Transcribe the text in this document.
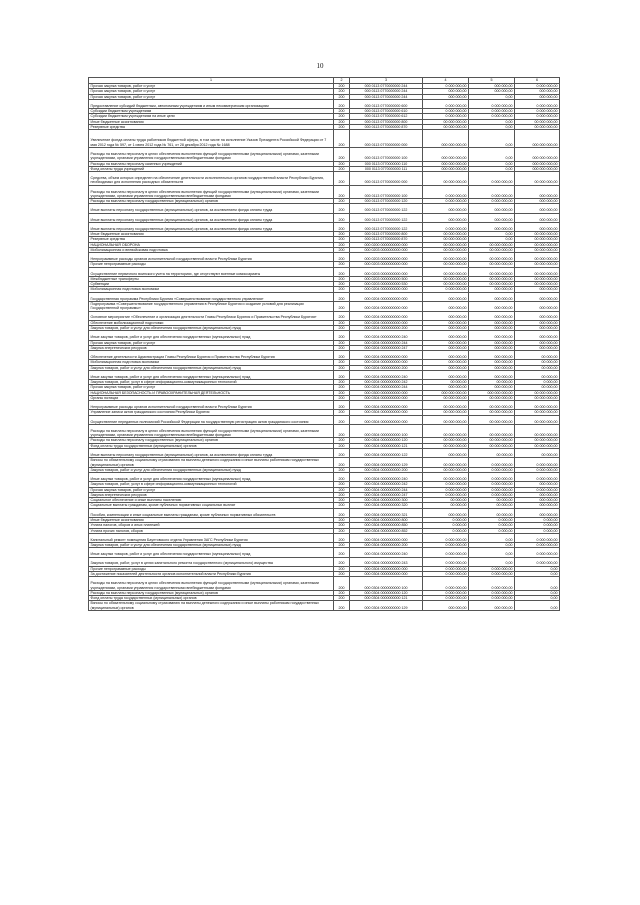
10
1	2	3	4	5	6
Прочая закупка товаров, работ и услуг	200	000 0113 0770000000 244	0 000 000,00	000 000,00	0 000 000,00
Прочая закупка товаров, работ и услуг	200	000 0113 0770000000 244	000 000,00	000 000,00	000 000,00
Прочая закупка товаров, работ и услуг	200	000 0113 0770000000 244	000 000,00	0,00	000 000,00
Предоставление субсидий бюджетным, автономным учреждениям и иным некоммерческим организациям	200	000 0113 0770000000 600	0 000 000,00	0 000 000,00	0 000 000,00
Субсидии бюджетным учреждениям	200	000 0113 0770000000 610	0 000 000,00	0 000 000,00	0 000 000,00
Субсидии бюджетным учреждениям на иные цели	200	000 0113 0770000000 612	0 000 000,00	0 000 000,00	0 000 000,00
Иные бюджетные ассигнования	200	000 0113 0770000000 800	00 000 000,00	0,00	00 000 000,00
Резервные средства	200	000 0113 0770000000 870	00 000 000,00	0,00	00 000 000,00
Увеличение фонда оплаты труда работников бюджетной сферы, в том числе на исполнение Указов Президента Российской Федерации от 7 мая 2012 года № 597, от 1 июня 2012 года № 761, от 28 декабря 2012 года № 1688	200	000 0113 0770000000 000	000 000 000,00	0,00	000 000 000,00
Расходы на выплаты персоналу в целях обеспечения выполнения функций государственными (муниципальными) органами, казенными учреждениями, органами управления государственными внебюджетными фондами	200	000 0113 0770000000 100	000 000 000,00	0,00	000 000 000,00
Расходы на выплаты персоналу казенных учреждений	200	000 0113 0770000000 110	000 000 000,00	0,00	000 000 000,00
Фонд оплаты труда учреждений	200	000 0113 0770000000 111	000 000 000,00	0,00	000 000 000,00
Средства, объем которых определен на обеспечение деятельности исполнительных органов государственной власти Республики Бурятия, необходимых для исполнения расходных обязательств	200	000 0113 0770000000 000	00 000 000,00	0 000 000,00	00 000 000,00
Расходы на выплаты персоналу в целях обеспечения выполнения функций государственными (муниципальными) органами, казенными учреждениями, органами управления государственными внебюджетными фондами	200	000 0113 0770000000 100	0 000 000,00	0 000 000,00	000 000,00
Расходы на выплаты персоналу государственных (муниципальных) органов	200	000 0113 0770000000 120	0 000 000,00	0 000 000,00	000 000,00
Иные выплаты персоналу государственных (муниципальных) органов, за исключением фонда оплаты труда	200	000 0113 0770000000 122	000 000,00	000 000,00	000 000,00
Иные выплаты персоналу государственных (муниципальных) органов, за исключением фонда оплаты труда	200	000 0113 0770000000 122	000 000,00	000 000,00	000 000,00
Иные выплаты персоналу государственных (муниципальных) органов, за исключением фонда оплаты труда	200	000 0113 0770000000 122	0 000 000,00	000 000,00	000 000,00
Иные бюджетные ассигнования	200	000 0113 0770000000 800	00 000 000,00	0,00	00 000 000,00
Резервные средства	200	000 0113 0770000000 870	00 000 000,00	0,00	00 000 000,00
НАЦИОНАЛЬНАЯ ОБОРОНА	200	000 0200 0000000000 000	00 000 000,00	00 000 000,00	00 000 000,00
Мобилизационная и вневойсковая подготовка	200	000 0203 0000000000 000	00 000 000,00	00 000 000,00	00 000 000,00
Непрограммные расходы органов исполнительной государственной власти Республики Бурятия	200	000 0203 0000000000 000	00 000 000,00	00 000 000,00	00 000 000,00
Прочие непрограммные расходы	200	000 0203 0000000000 000	00 000 000,00	00 000 000,00	00 000 000,00
Осуществление первичного воинского учета на территориях, где отсутствуют военные комиссариаты	200	000 0203 0000000000 000	00 000 000,00	00 000 000,00	00 000 000,00
Межбюджетные трансферты	200	000 0203 0000000000 500	00 000 000,00	00 000 000,00	00 000 000,00
Субвенции	200	000 0203 0000000000 530	00 000 000,00	00 000 000,00	00 000 000,00
Мобилизационная подготовка экономики	200	000 0204 0000000000 000	0 000 000,00	000 000,00	000 000,00
Государственная программа Республики Бурятия «Совершенствование государственного управления»	200	000 0204 0000000000 000	000 000,00	000 000,00	000 000,00
Подпрограмма «Совершенствование государственного управления в Республике Бурятия и создание условий для реализации Государственной программы»	200	000 0204 0000000000 000	000 000,00	000 000,00	000 000,00
Основное мероприятие «Обеспечение и организация деятельности Главы Республики Бурятия и Правительства Республики Бурятия»	200	000 0204 0000000000 000	000 000,00	000 000,00	000 000,00
Обеспечение мобилизационной подготовки	200	000 0204 0000000000 000	000 000,00	000 000,00	000 000,00
Закупка товаров, работ и услуг для обеспечения государственных (муниципальных) нужд	200	000 0204 0000000000 200	000 000,00	000 000,00	000 000,00
Иные закупки товаров, работ и услуг для обеспечения государственных (муниципальных) нужд	200	000 0204 0000000000 240	000 000,00	000 000,00	000 000,00
Прочая закупка товаров, работ и услуг	200	000 0204 0000000000 244	000 000,00	000 000,00	000 000,00
Закупка энергетических ресурсов	200	000 0204 0000000000 247	000 000,00	000 000,00	000 000,00
Обеспечение деятельности Администрации Главы Республики Бурятия и Правительства Республики Бурятия	200	000 0204 0000000000 000	000 000,00	000 000,00	00 000,00
Мобилизационная подготовка экономики	200	000 0204 0000000000 000	000 000,00	000 000,00	00 000,00
Закупка товаров, работ и услуг для обеспечения государственных (муниципальных) нужд	200	000 0204 0000000000 200	000 000,00	000 000,00	00 000,00
Иные закупки товаров, работ и услуг для обеспечения государственных (муниципальных) нужд	200	000 0204 0000000000 240	000 000,00	000 000,00	00 000,00
Закупка товаров, работ, услуг в сфере информационно-коммуникационных технологий	200	000 0204 0000000000 242	00 000,00	00 000,00	0 000,00
Прочая закупка товаров, работ и услуг	200	000 0204 0000000000 244	000 000,00	000 000,00	00 000,00
НАЦИОНАЛЬНАЯ БЕЗОПАСНОСТЬ И ПРАВООХРАНИТЕЛЬНАЯ ДЕЯТЕЛЬНОСТЬ	200	000 0300 0000000000 000	000 000 000,00	000 000 000,00	00 000 000,00
Органы юстиции	200	000 0304 0000000000 000	00 000 000,00	00 000 000,00	00 000 000,00
Непрограммные расходы органов исполнительной государственной власти Республики Бурятия	200	000 0304 0000000000 000	00 000 000,00	00 000 000,00	00 000 000,00
Управление записи актов гражданского состояния Республики Бурятия	200	000 0304 0000000000 000	00 000 000,00	00 000 000,00	00 000 000,00
Осуществление переданных полномочий Российской Федерации на государственную регистрацию актов гражданского состояния	200	000 0304 0000000000 000	00 000 000,00	00 000 000,00	00 000 000,00
Расходы на выплаты персоналу в целях обеспечения выполнения функций государственными (муниципальными) органами, казенными учреждениями, органами управления государственными внебюджетными фондами	200	000 0304 0000000000 100	00 000 000,00	00 000 000,00	00 000 000,00
Расходы на выплаты персоналу государственных (муниципальных) органов	200	000 0304 0000000000 120	00 000 000,00	00 000 000,00	00 000 000,00
Фонд оплаты труда государственных (муниципальных) органов	200	000 0304 0000000000 121	00 000 000,00	00 000 000,00	00 000 000,00
Иные выплаты персоналу государственных (муниципальных) органов, за исключением фонда оплаты труда	200	000 0304 0000000000 122	000 000,00	00 000,00	00 000,00
Взносы по обязательному социальному страхованию на выплаты денежного содержания и иные выплаты работникам государственных (муниципальных) органов	200	000 0304 0000000000 129	00 000 000,00	0 000 000,00	0 000 000,00
Закупка товаров, работ и услуг для обеспечения государственных (муниципальных) нужд	200	000 0304 0000000000 200	00 000 000,00	0 000 000,00	0 000 000,00
Иные закупки товаров, работ и услуг для обеспечения государственных (муниципальных) нужд	200	000 0304 0000000000 240	00 000 000,00	0 000 000,00	0 000 000,00
Закупка товаров, работ, услуг в сфере информационно-коммуникационных технологий	200	000 0304 0000000000 242	0 000 000,00	0 000 000,00	000 000,00
Прочая закупка товаров, работ и услуг	200	000 0304 0000000000 244	0 000 000,00	0 000 000,00	0 000 000,00
Закупка энергетических ресурсов	200	000 0304 0000000000 247	0 000 000,00	0 000 000,00	000 000,00
Социальное обеспечение и иные выплаты населению	200	000 0304 0000000000 300	00 000,00	00 000,00	000 000,00
Социальные выплаты гражданам, кроме публичных нормативных социальных выплат	200	000 0304 0000000000 320	00 000,00	00 000,00	000 000,00
Пособия, компенсации и иные социальные выплаты гражданам, кроме публичных нормативных обязательств	200	000 0304 0000000000 321	000 000,00	00 000,00	000 000,00
Иные бюджетные ассигнования	200	000 0304 0000000000 800	0 000,00	0 000,00	0 000,00
Уплата налогов, сборов и иных платежей	200	000 0304 0000000000 850	0 000,00	0 000,00	0 000,00
Уплата прочих налогов, сборов	200	000 0304 0000000000 852	0 000,00	0 000,00	0 000,00
Капитальный ремонт помещения Баунтовского отдела Управления ЗАГС Республики Бурятия	200	000 0304 0000000000 000	0 000 000,00	0,00	0 000 000,00
Закупка товаров, работ и услуг для обеспечения государственных (муниципальных) нужд	200	000 0304 0000000000 200	0 000 000,00	0,00	0 000 000,00
Иные закупки товаров, работ и услуг для обеспечения государственных (муниципальных) нужд	200	000 0304 0000000000 240	0 000 000,00	0,00	0 000 000,00
Закупка товаров, работ, услуг в целях капитального ремонта государственного (муниципального) имущества	200	000 0304 0000000000 243	0 000 000,00	0,00	0 000 000,00
Прочие непрограммные расходы	200	000 0304 0000000000 000	0 000 000,00	0 000 000,00	0,00
За достижение показателей деятельности органов исполнительной власти Республики Бурятия	200	000 0304 0000000000 000	0 000 000,00	0 000 000,00	0,00
Расходы на выплаты персоналу в целях обеспечения выполнения функций государственными (муниципальными) органами, казенными учреждениями, органами управления государственными внебюджетными фондами	200	000 0304 0000000000 100	0 000 000,00	0 000 000,00	0,00
Расходы на выплаты персоналу государственных (муниципальных) органов	200	000 0304 0000000000 120	0 000 000,00	0 000 000,00	0,00
Фонд оплаты труда государственных (муниципальных) органов	200	000 0304 0000000000 121	0 000 000,00	0 000 000,00	0,00
Взносы по обязательному социальному страхованию на выплаты денежного содержания и иные выплаты работникам государственных (муниципальных) органов	200	000 0304 0000000000 129	000 000,00	000 000,00	0,00
